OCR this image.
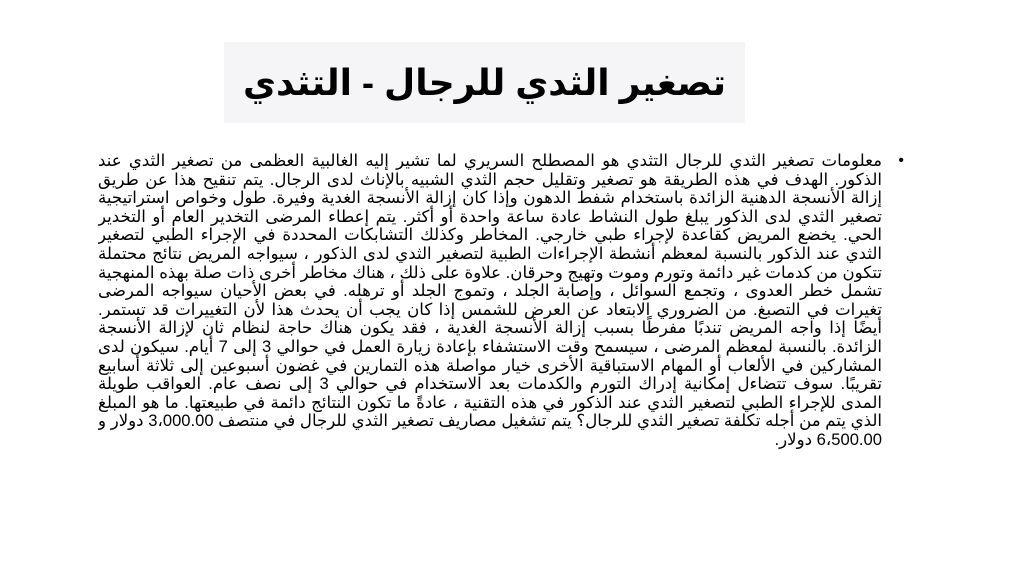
تصغير الثدي للرجال - التثدي
•
معلومات تصغير الثدي للرجال التثدي هو المصطلح السريري لما تشير إليه الغالبية العظمى من تصغير الثدي عند الذكور. الهدف في هذه الطريقة هو تصغير وتقليل حجم الثدي الشبيه بالإناث لدى الرجال. يتم تنقيح هذا عن طريق إزالة الأنسجة الدهنية الزائدة باستخدام شفط الدهون وإذا كان إزالة الأنسجة الغدية وفيرة. طول وخواص استراتيجية تصغير الثدي لدى الذكور يبلغ طول النشاط عادة ساعة واحدة أو أكثر. يتم إعطاء المرضى التخدير العام أو التخدير الحي. يخضع المريض كقاعدة لإجراء طبي خارجي. المخاطر وكذلك التشابكات المحددة في الإجراء الطبي لتصغير الثدي عند الذكور بالنسبة لمعظم أنشطة الإجراءات الطبية لتصغير الثدي لدى الذكور ، سيواجه المريض نتائج محتملة تتكون من كدمات غير دائمة وتورم وموت وتهيج وحرقان. علاوة على ذلك ، هناك مخاطر أخرى ذات صلة بهذه المنهجية تشمل خطر العدوى ، وتجمع السوائل ، وإصابة الجلد ، وتموج الجلد أو ترهله. في بعض الأحيان سيواجه المرضى تغيرات في التصبغ. من الضروري الابتعاد عن العرض للشمس إذا كان يجب أن يحدث هذا لأن التغييرات قد تستمر. أيضًا إذا واجه المريض تندبًا مفرطًا بسبب إزالة الأنسجة الغدية ، فقد يكون هناك حاجة لنظام ثان لإزالة الأنسجة الزائدة. بالنسبة لمعظم المرضى ، سيسمح وقت الاستشفاء بإعادة زيارة العمل في حوالي 3 إلى 7 أيام. سيكون لدى المشاركين في الألعاب أو المهام الاستباقية الأخرى خيار مواصلة هذه التمارين في غضون أسبوعين إلى ثلاثة أسابيع تقريبًا. سوف تتضاءل إمكانية إدراك التورم والكدمات بعد الاستخدام في حوالي 3 إلى نصف عام. العواقب طويلة المدى للإجراء الطبي لتصغير الثدي عند الذكور في هذه التقنية ، عادةً ما تكون النتائج دائمة في طبيعتها. ما هو المبلغ الذي يتم من أجله تكلفة تصغير الثدي للرجال؟ يتم تشغيل مصاريف تصغير الثدي للرجال في منتصف 3،000.00 دولار و 6،500.00 دولار.
